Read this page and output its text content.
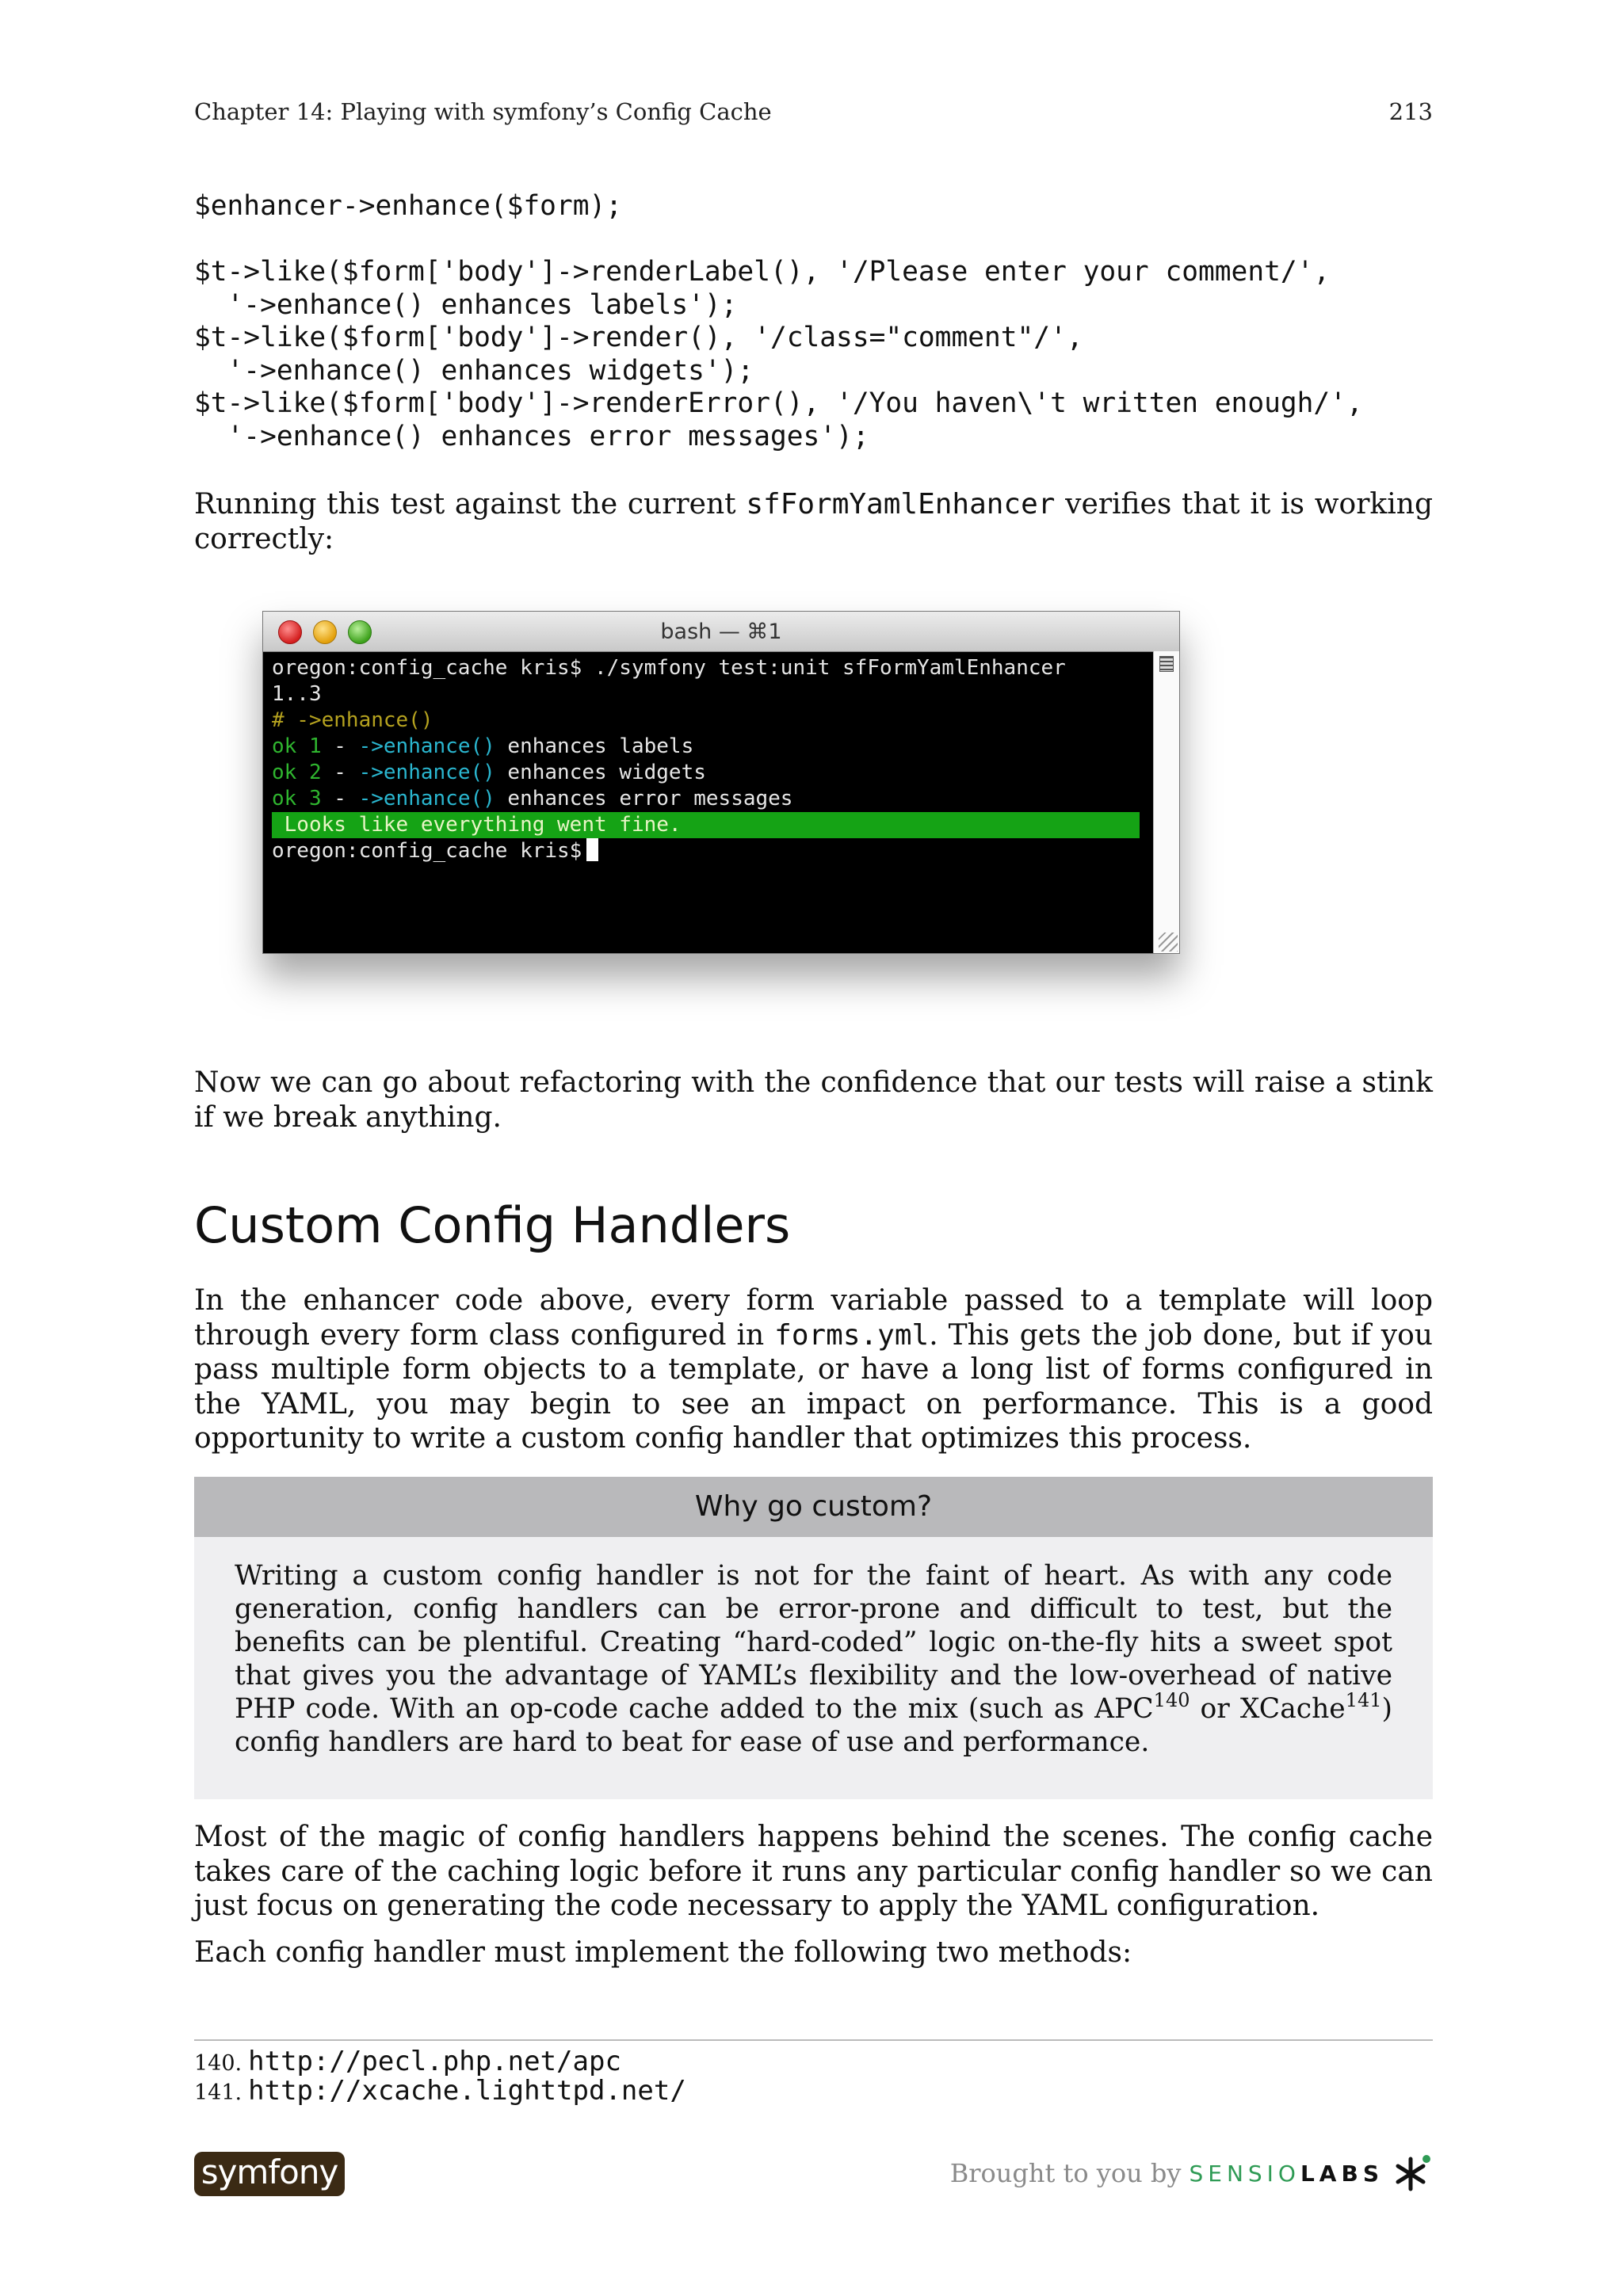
Chapter 14: Playing with symfony’s Config Cache	213
$enhancer->enhance($form);

$t->like($form['body']->renderLabel(), '/Please enter your comment/',
'->enhance() enhances labels');
$t->like($form['body']->render(), '/class="comment"/',
'->enhance() enhances widgets');
$t->like($form['body']->renderError(), '/You haven\'t written enough/',
'->enhance() enhances error messages');

Running this test against the current sfFormYamlEnhancer verifies that it is working correctly:

bash — ⌘1
oregon:config_cache kris$ ./symfony test:unit sfFormYamlEnhancer
1..3
# ->enhance()
ok 1 - ->enhance() enhances labels
ok 2 - ->enhance() enhances widgets
ok 3 - ->enhance() enhances error messages
Looks like everything went fine.
oregon:config_cache kris$

Now we can go about refactoring with the confidence that our tests will raise a stink if we break anything.

Custom Config Handlers

In the enhancer code above, every form variable passed to a template will loop through every form class configured in forms.yml. This gets the job done, but if you pass multiple form objects to a template, or have a long list of forms configured in the YAML, you may begin to see an impact on performance. This is a good opportunity to write a custom config handler that optimizes this process.

Why go custom?

Writing a custom config handler is not for the faint of heart. As with any code generation, config handlers can be error-prone and difficult to test, but the benefits can be plentiful. Creating “hard-coded” logic on-the-fly hits a sweet spot that gives you the advantage of YAML’s flexibility and the low-overhead of native PHP code. With an op-code cache added to the mix (such as APC$^{140}$ or XCache$^{141}$) config handlers are hard to beat for ease of use and performance.

Most of the magic of config handlers happens behind the scenes. The config cache takes care of the caching logic before it runs any particular config handler so we can just focus on generating the code necessary to apply the YAML configuration.

Each config handler must implement the following two methods:

140. http://pecl.php.net/apc
141. http://xcache.lighttpd.net/
symfony	Brought to you by SENSIOLABS
